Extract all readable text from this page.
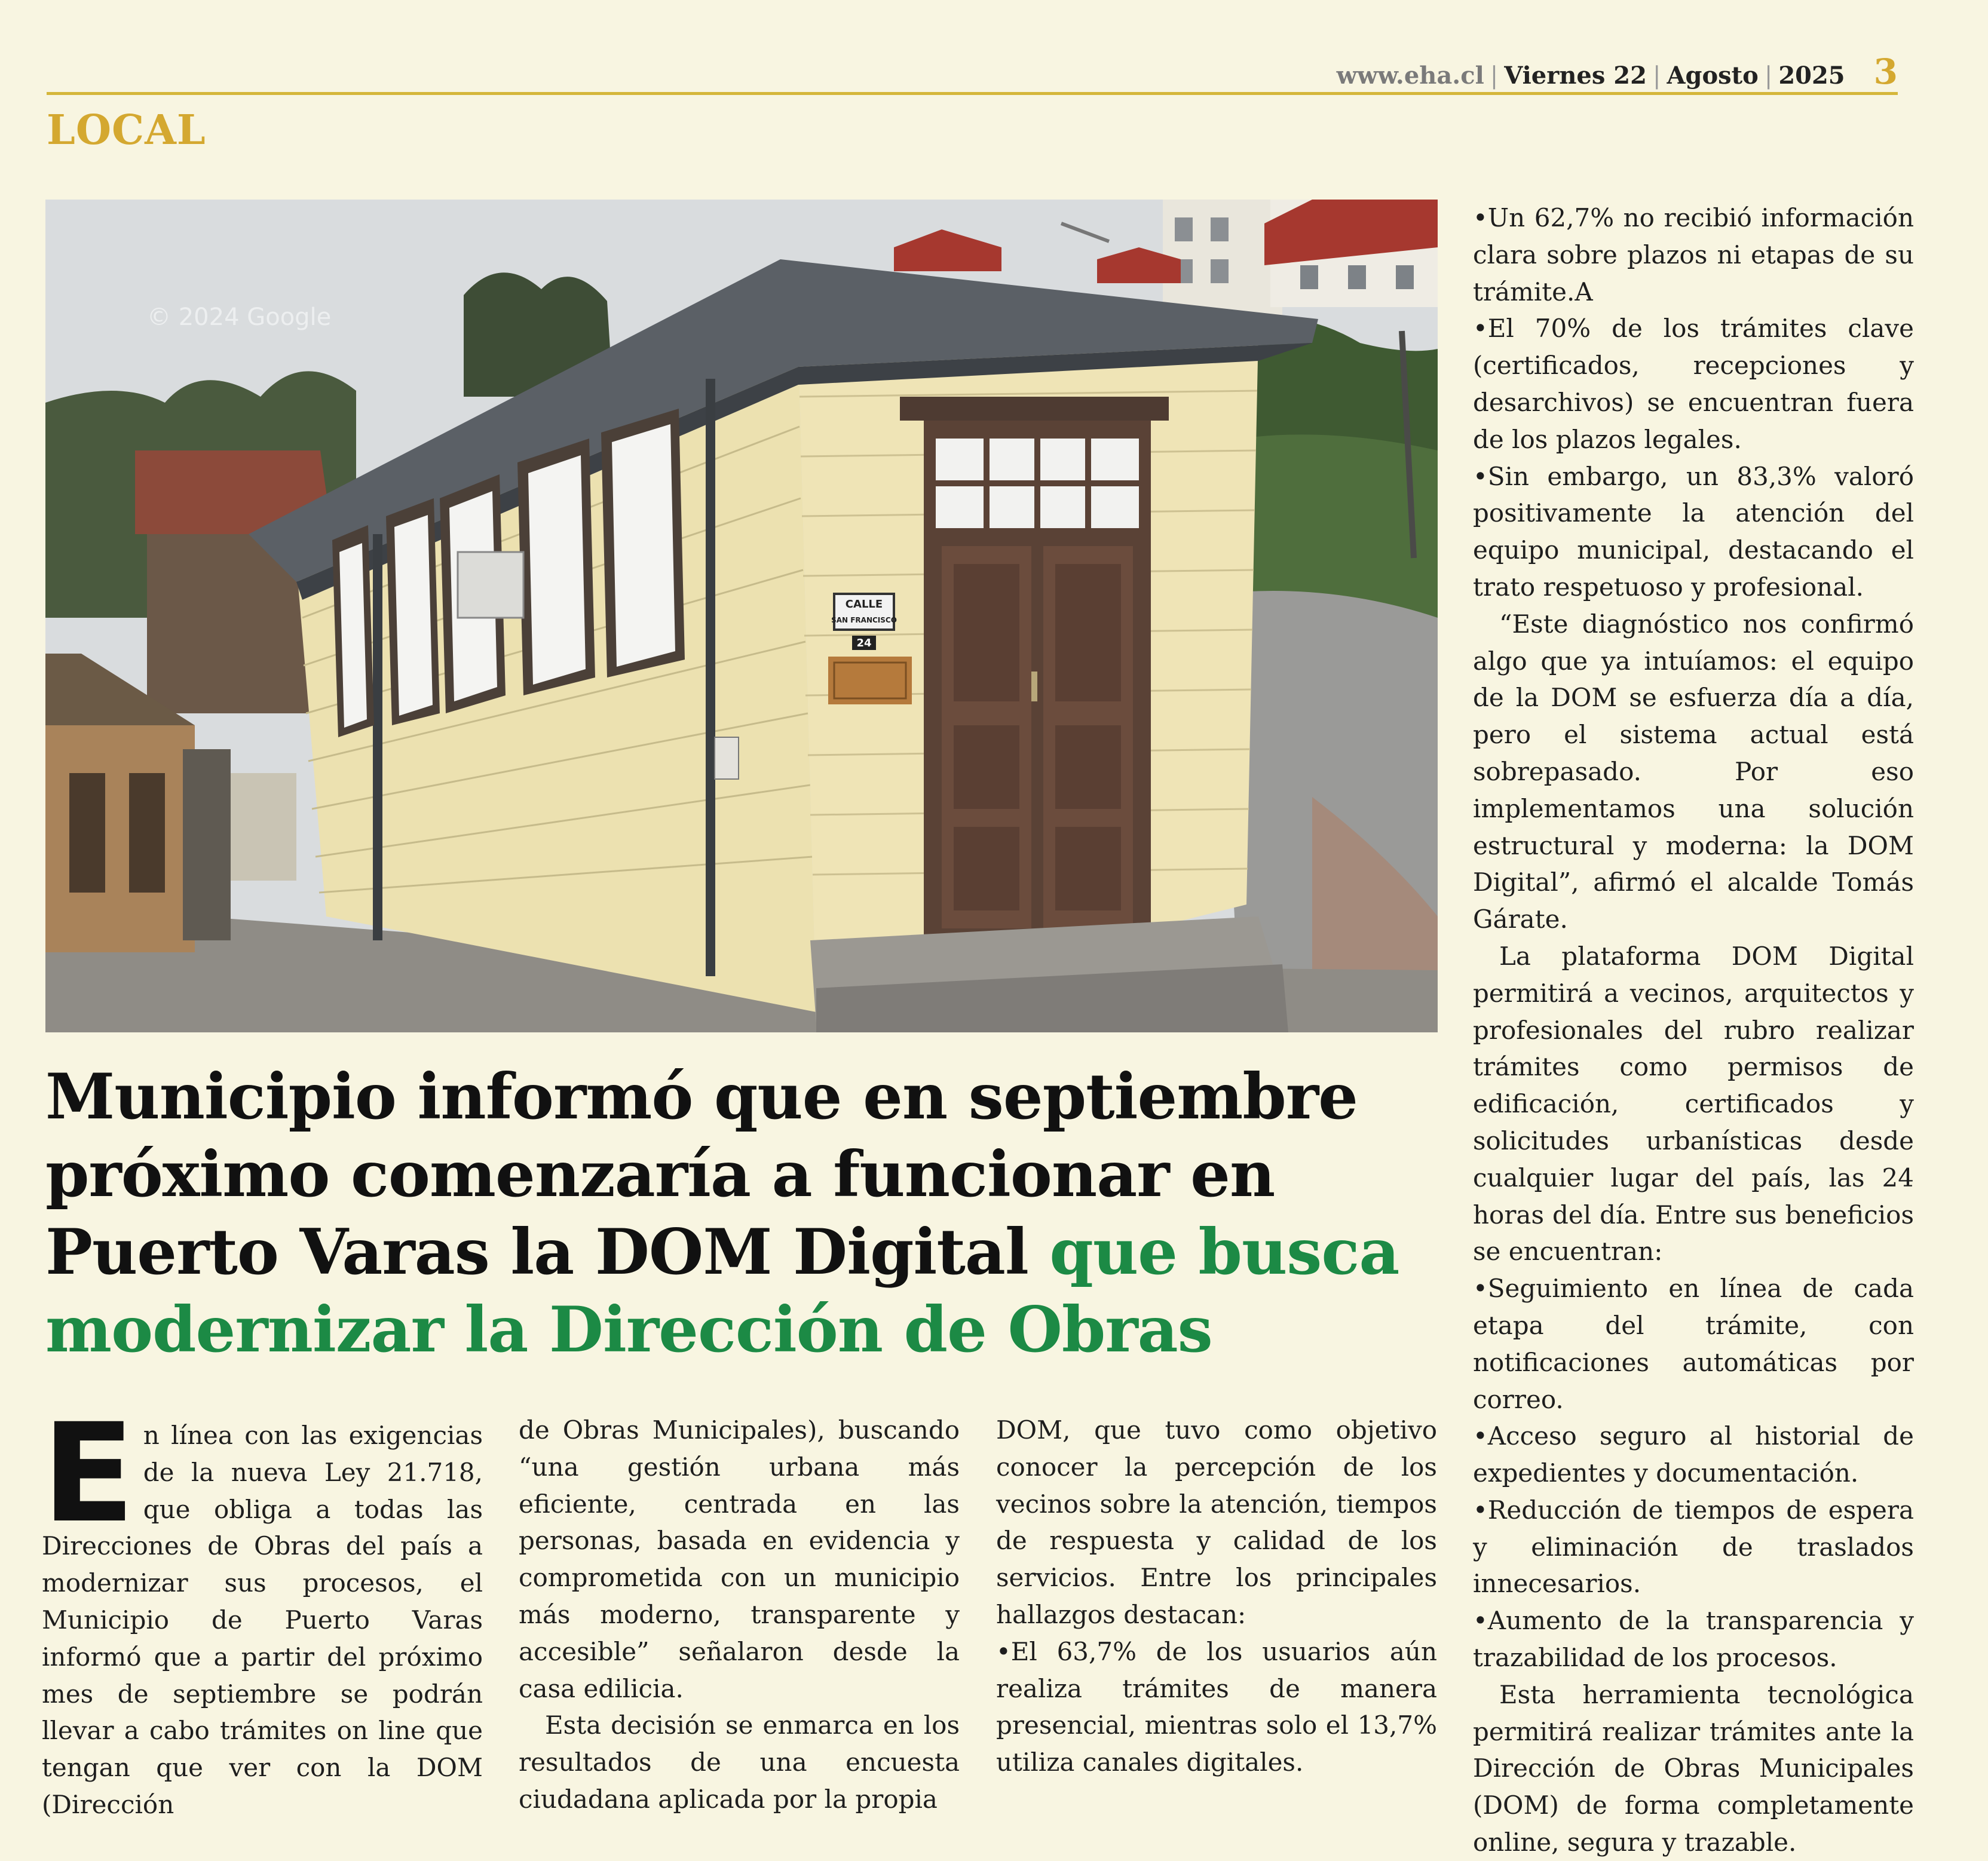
www.eha.cl | Viernes 22 | Agosto | 2025 3
LOCAL
CALLE
SAN FRANCISCO
24
© 2024 Google
Municipio informó que en septiembre próximo comenzaría a funcionar en Puerto Varas la DOM Digital que busca modernizar la Dirección de Obras
E n línea con las exigencias de la nueva Ley 21.718, que obliga a todas las Direcciones de Obras del país a modernizar sus procesos, el Municipio de Puerto Varas informó que a partir del próximo mes de septiembre se podrán llevar a cabo trámites on line que tengan que ver con la DOM (Dirección

de Obras Municipales), buscando “una gestión urbana más eficiente, centrada en las personas, basada en evidencia y comprometida con un municipio más moderno, transparente y accesible” señalaron desde la casa edilicia.

Esta decisión se enmarca en los resultados de una encuesta ciudadana aplicada por la propia

DOM, que tuvo como objetivo conocer la percepción de los vecinos sobre la atención, tiempos de respuesta y calidad de los servicios. Entre los principales hallazgos destacan:

•El 63,7% de los usuarios aún realiza trámites de manera presencial, mientras solo el 13,7% utiliza canales digitales.

•Un 62,7% no recibió información clara sobre plazos ni etapas de su trámite.A

•El 70% de los trámites clave (certificados, recepciones y desarchivos) se encuentran fuera de los plazos legales.

•Sin embargo, un 83,3% valoró positivamente la atención del equipo municipal, destacando el trato respetuoso y profesional.

“Este diagnóstico nos confirmó algo que ya intuíamos: el equipo de la DOM se esfuerza día a día, pero el sistema actual está sobrepasado. Por eso implementamos una solución estructural y moderna: la DOM Digital”, afirmó el alcalde Tomás Gárate.

La plataforma DOM Digital permitirá a vecinos, arquitectos y profesionales del rubro realizar trámites como permisos de edificación, certificados y solicitudes urbanísticas desde cualquier lugar del país, las 24 horas del día. Entre sus beneficios se encuentran:

•Seguimiento en línea de cada etapa del trámite, con notificaciones automáticas por correo.

•Acceso seguro al historial de expedientes y documentación.

•Reducción de tiempos de espera y eliminación de traslados innecesarios.

•Aumento de la transparencia y trazabilidad de los procesos.

Esta herramienta tecnológica permitirá realizar trámites ante la Dirección de Obras Municipales (DOM) de forma completamente online, segura y trazable.
